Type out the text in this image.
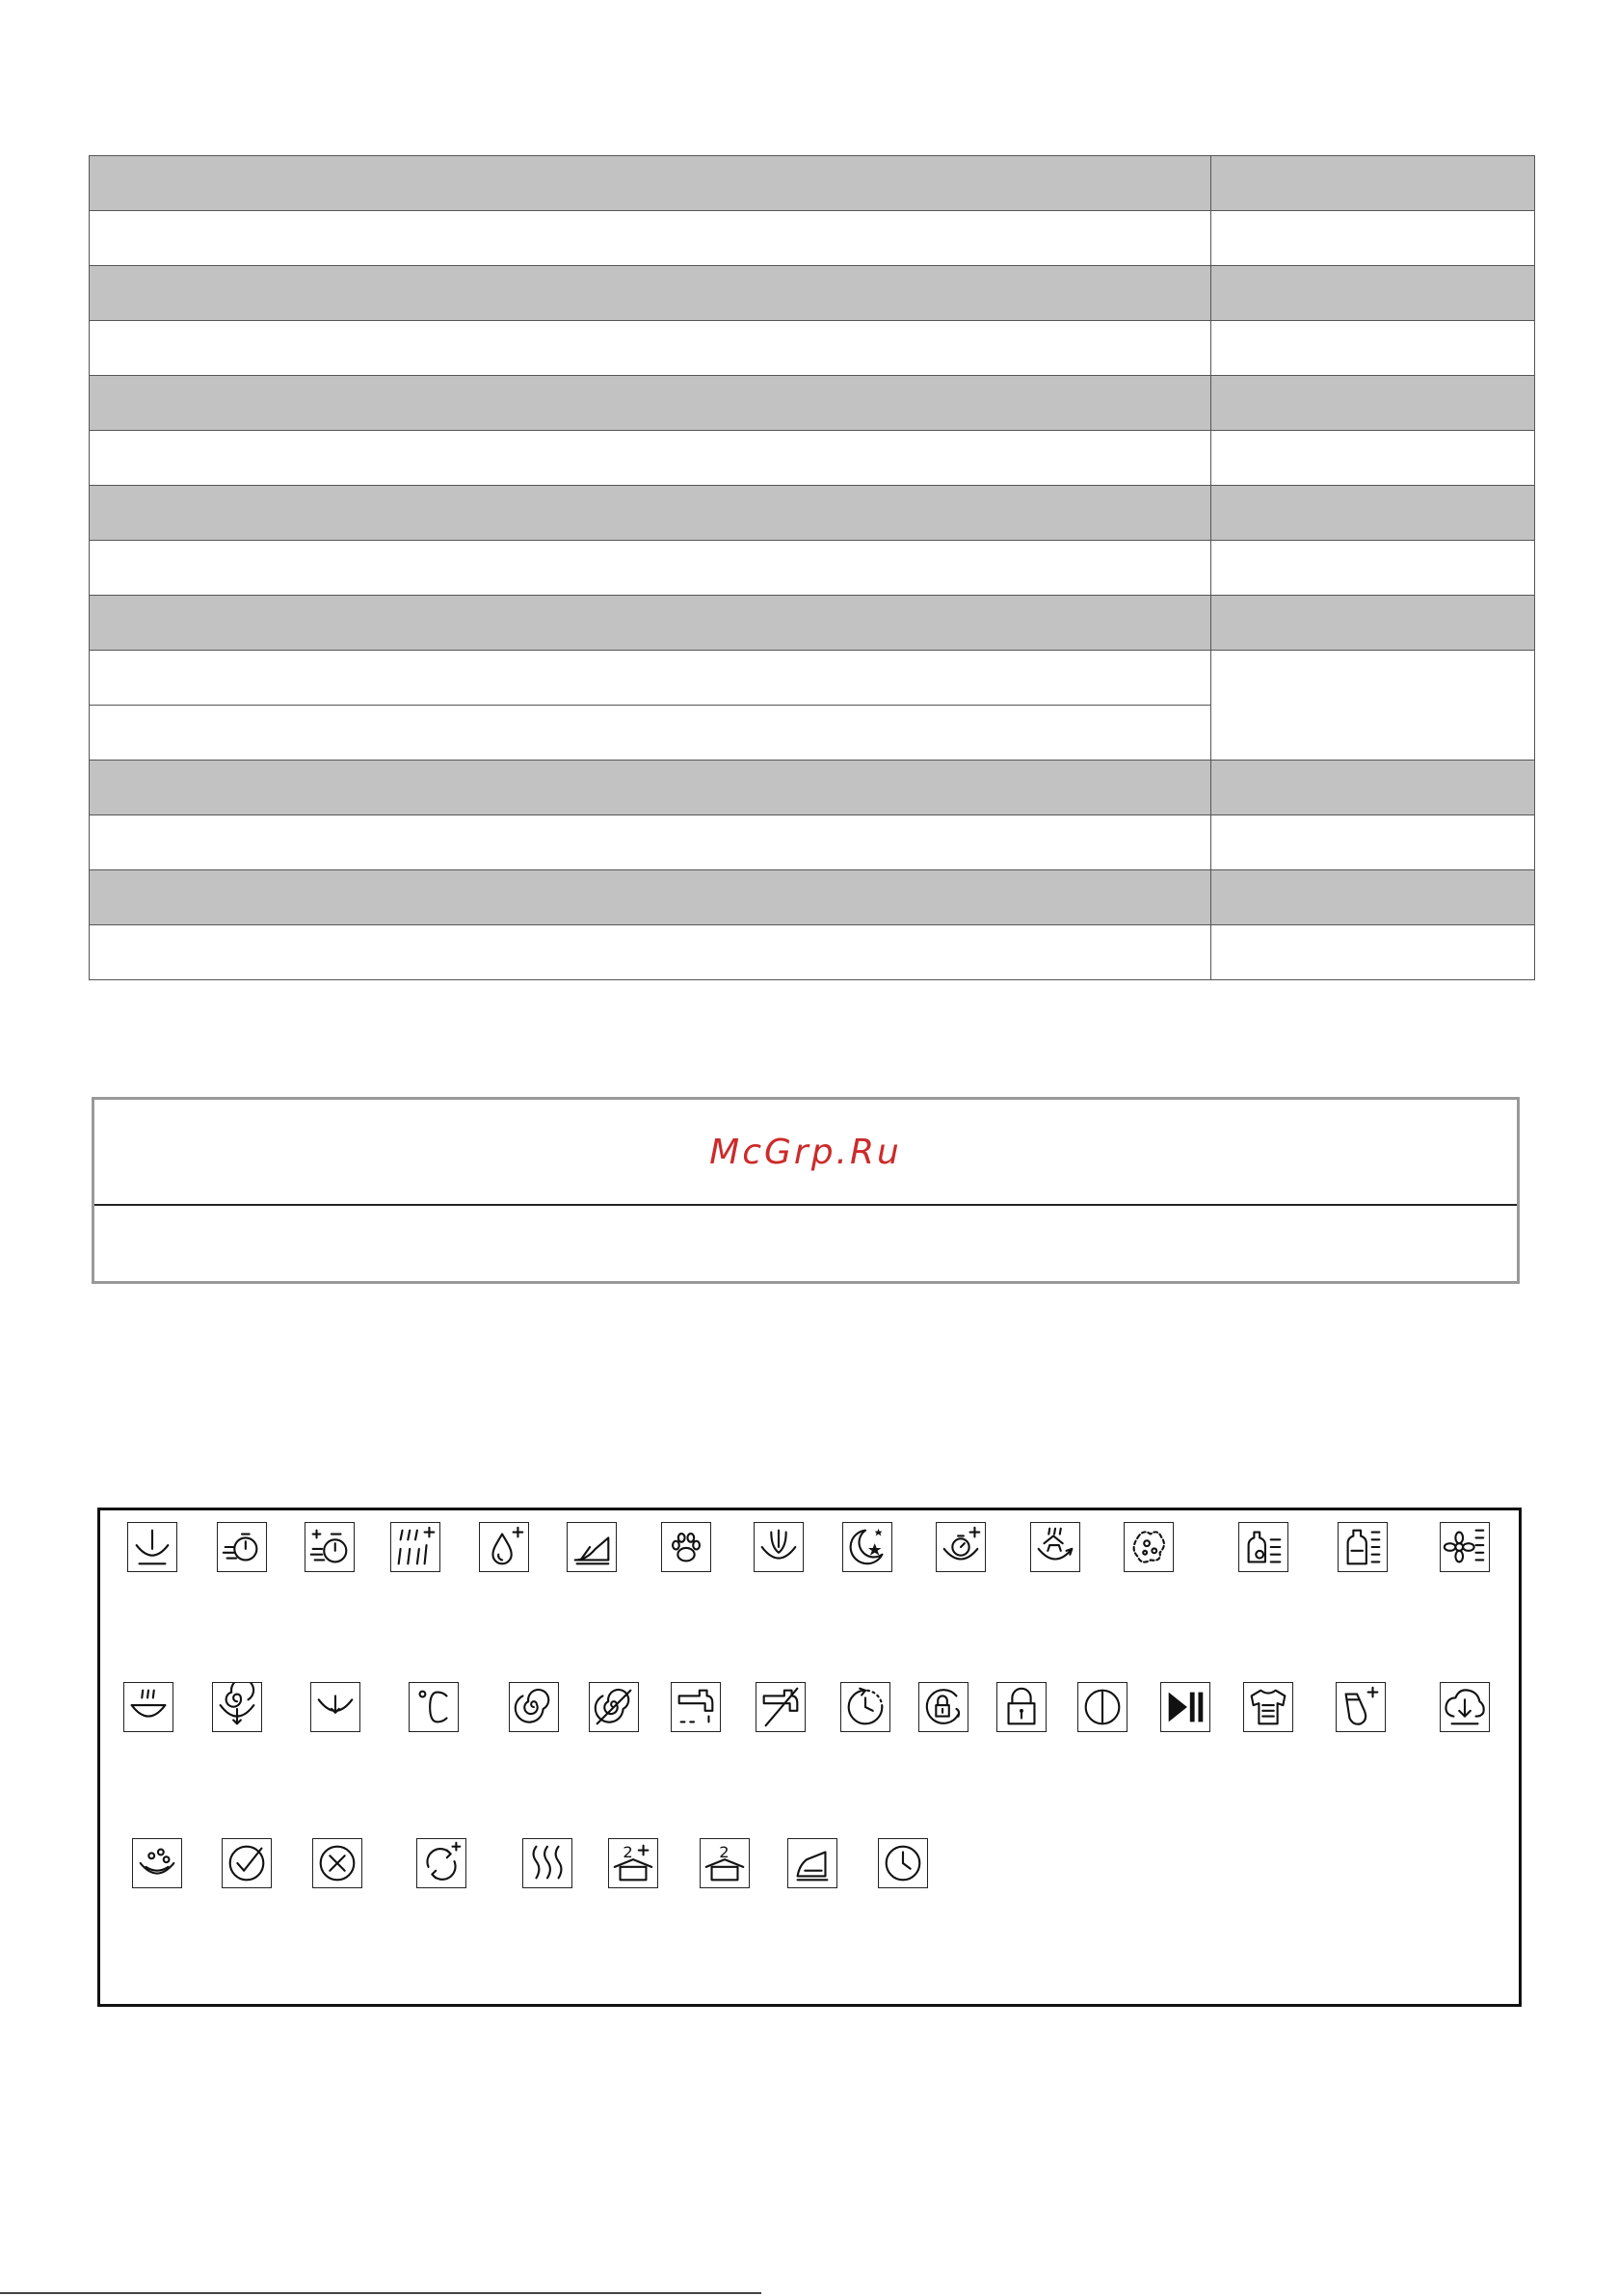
McGrp.Ru
2	2
